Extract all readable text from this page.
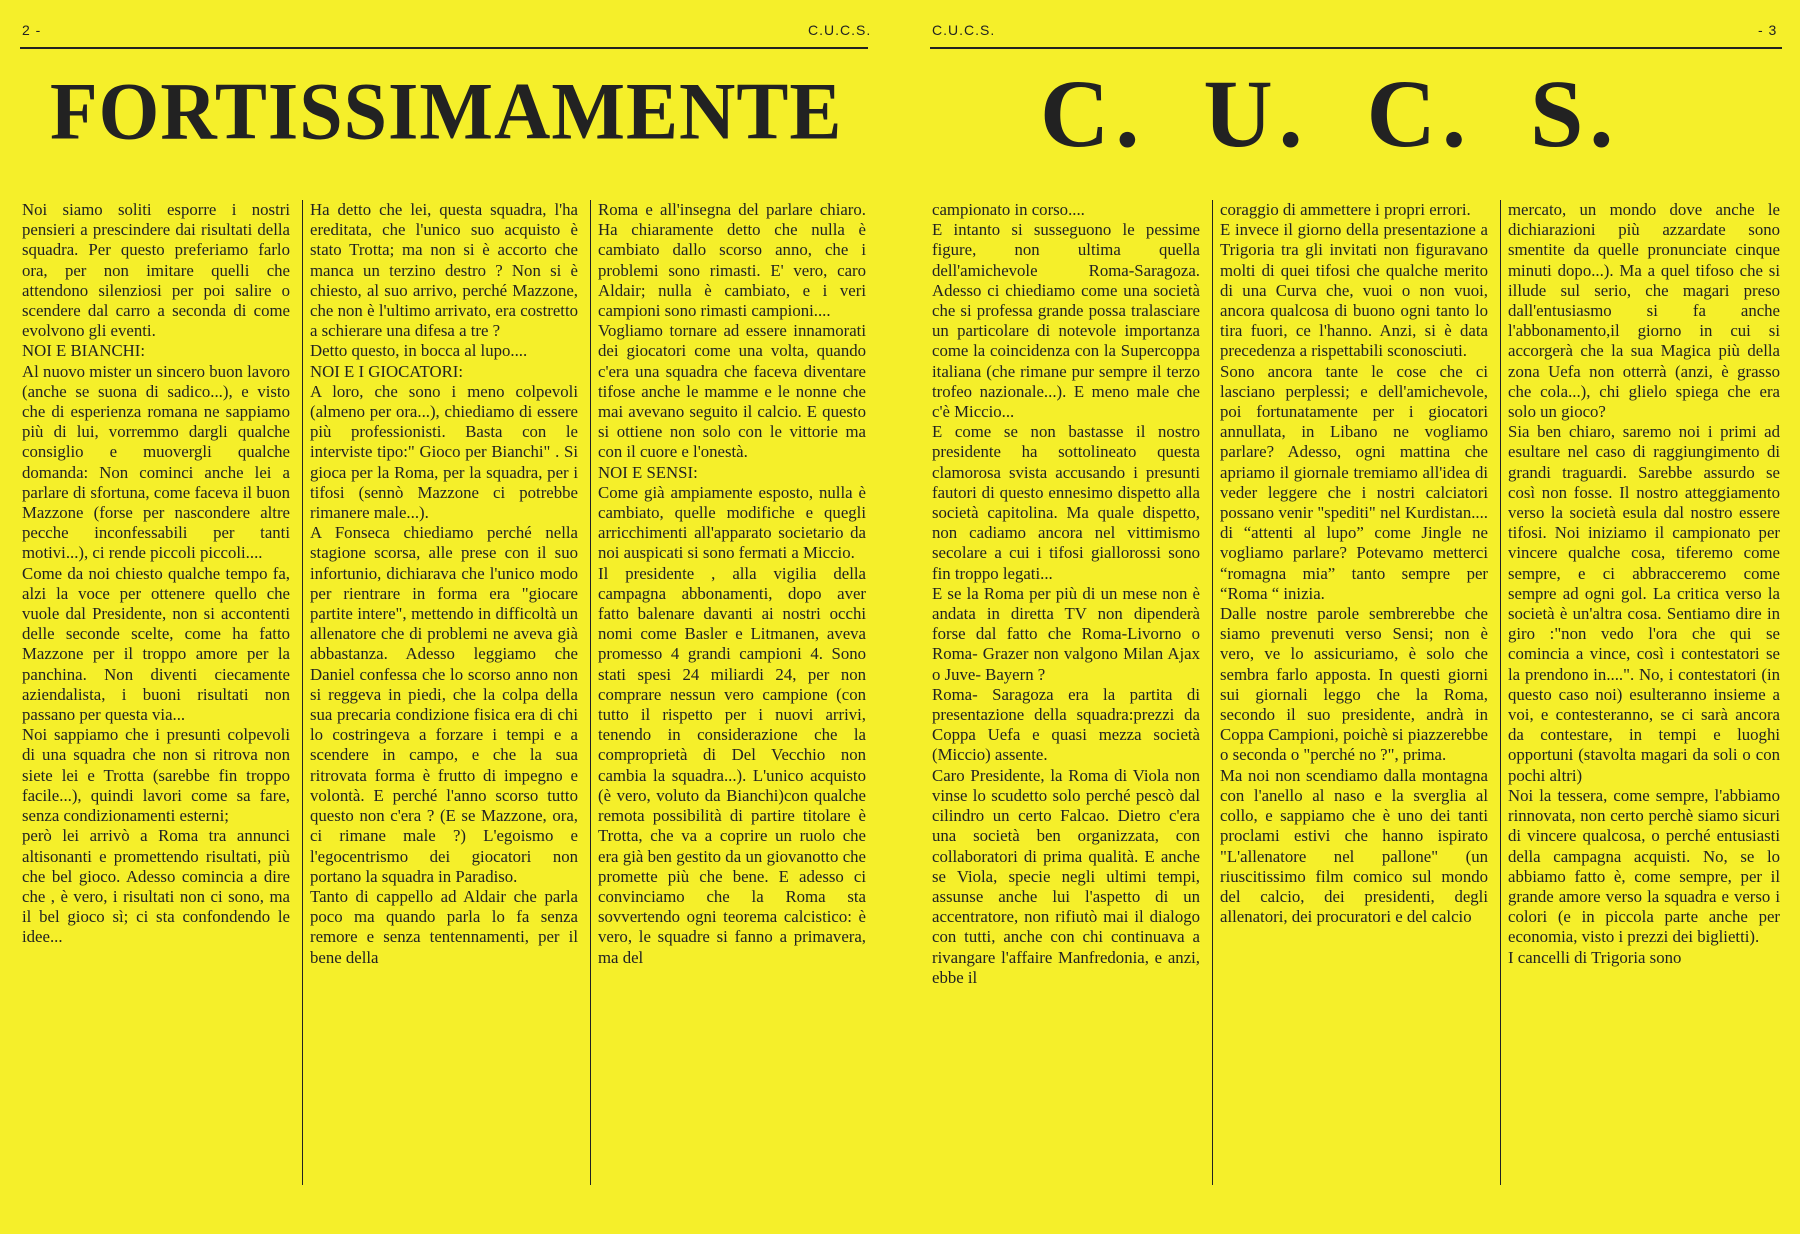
2 -	C.U.C.S.
FORTISSIMAMENTE

Noi siamo soliti esporre i nostri pensieri a prescindere dai risultati della squadra. Per questo preferiamo farlo ora, per non imitare quelli che attendono silenziosi per poi salire o scendere dal carro a seconda di come evolvono gli eventi.

NOI E BIANCHI:

Al nuovo mister un sincero buon lavoro (anche se suona di sadico...), e visto che di esperienza romana ne sappiamo più di lui, vorremmo dargli qualche consiglio e muovergli qualche domanda: Non cominci anche lei a parlare di sfortuna, come faceva il buon Mazzone (forse per nascondere altre pecche inconfessabili per tanti motivi...), ci rende piccoli piccoli....

Come da noi chiesto qualche tempo fa, alzi la voce per ottenere quello che vuole dal Presidente, non si accontenti delle seconde scelte, come ha fatto Mazzone per il troppo amore per la panchina. Non diventi ciecamente aziendalista, i buoni risultati non passano per questa via...

Noi sappiamo che i presunti colpevoli di una squadra che non si ritrova non siete lei e Trotta (sarebbe fin troppo facile...), quindi lavori come sa fare, senza condizionamenti esterni;

però lei arrivò a Roma tra annunci altisonanti e promettendo risultati, più che bel gioco. Adesso comincia a dire che , è vero, i risultati non ci sono, ma il bel gioco sì; ci sta confondendo le idee...

Ha detto che lei, questa squadra, l'ha ereditata, che l'unico suo acquisto è stato Trotta; ma non si è accorto che manca un terzino destro ? Non si è chiesto, al suo arrivo, perché Mazzone, che non è l'ultimo arrivato, era costretto a schierare una difesa a tre ?

Detto questo, in bocca al lupo....

NOI E I GIOCATORI:

A loro, che sono i meno colpevoli (almeno per ora...), chiediamo di essere più professionisti. Basta con le interviste tipo:" Gioco per Bianchi" . Si gioca per la Roma, per la squadra, per i tifosi (sennò Mazzone ci potrebbe rimanere male...).

A Fonseca chiediamo perché nella stagione scorsa, alle prese con il suo infortunio, dichiarava che l'unico modo per rientrare in forma era "giocare partite intere", mettendo in difficoltà un allenatore che di problemi ne aveva già abbastanza. Adesso leggiamo che Daniel confessa che lo scorso anno non si reggeva in piedi, che la colpa della sua precaria condizione fisica era di chi lo costringeva a forzare i tempi e a scendere in campo, e che la sua ritrovata forma è frutto di impegno e volontà. E perché l'anno scorso tutto questo non c'era ? (E se Mazzone, ora, ci rimane male ?) L'egoismo e l'egocentrismo dei giocatori non portano la squadra in Paradiso.

Tanto di cappello ad Aldair che parla poco ma quando parla lo fa senza remore e senza tentennamenti, per il bene della

Roma e all'insegna del parlare chiaro. Ha chiaramente detto che nulla è cambiato dallo scorso anno, che i problemi sono rimasti. E' vero, caro Aldair; nulla è cambiato, e i veri campioni sono rimasti campioni....

Vogliamo tornare ad essere innamorati dei giocatori come una volta, quando c'era una squadra che faceva diventare tifose anche le mamme e le nonne che mai avevano seguito il calcio. E questo si ottiene non solo con le vittorie ma con il cuore e l'onestà.

NOI E SENSI:

Come già ampiamente esposto, nulla è cambiato, quelle modifiche e quegli arricchimenti all'apparato societario da noi auspicati si sono fermati a Miccio.

Il presidente , alla vigilia della campagna abbonamenti, dopo aver fatto balenare davanti ai nostri occhi nomi come Basler e Litmanen, aveva promesso 4 grandi campioni 4. Sono stati spesi 24 miliardi 24, per non comprare nessun vero campione (con tutto il rispetto per i nuovi arrivi, tenendo in considerazione che la comproprietà di Del Vecchio non cambia la squadra...). L'unico acquisto (è vero, voluto da Bianchi)con qualche remota possibilità di partire titolare è Trotta, che va a coprire un ruolo che era già ben gestito da un giovanotto che promette più che bene. E adesso ci convinciamo che la Roma sta sovvertendo ogni teorema calcistico: è vero, le squadre si fanno a primavera, ma del

C.U.C.S.	- 3
C. U. C. S.

campionato in corso....

E intanto si susseguono le pessime figure, non ultima quella dell'amichevole Roma-Saragoza. Adesso ci chiediamo come una società che si professa grande possa tralasciare un particolare di notevole importanza come la coincidenza con la Supercoppa italiana (che rimane pur sempre il terzo trofeo nazionale...). E meno male che c'è Miccio...

E come se non bastasse il nostro presidente ha sottolineato questa clamorosa svista accusando i presunti fautori di questo ennesimo dispetto alla società capitolina. Ma quale dispetto, non cadiamo ancora nel vittimismo secolare a cui i tifosi giallorossi sono fin troppo legati...

E se la Roma per più di un mese non è andata in diretta TV non dipenderà forse dal fatto che Roma-Livorno o Roma- Grazer non valgono Milan Ajax o Juve- Bayern ?

Roma- Saragoza era la partita di presentazione della squadra:prezzi da Coppa Uefa e quasi mezza società (Miccio) assente.

Caro Presidente, la Roma di Viola non vinse lo scudetto solo perché pescò dal cilindro un certo Falcao. Dietro c'era una società ben organizzata, con collaboratori di prima qualità. E anche se Viola, specie negli ultimi tempi, assunse anche lui l'aspetto di un accentratore, non rifiutò mai il dialogo con tutti, anche con chi continuava a rivangare l'affaire Manfredonia, e anzi, ebbe il

coraggio di ammettere i propri errori.

E invece il giorno della presentazione a Trigoria tra gli invitati non figuravano molti di quei tifosi che qualche merito di una Curva che, vuoi o non vuoi, ancora qualcosa di buono ogni tanto lo tira fuori, ce l'hanno. Anzi, si è data precedenza a rispettabili sconosciuti.

Sono ancora tante le cose che ci lasciano perplessi; e dell'amichevole, poi fortunatamente per i giocatori annullata, in Libano ne vogliamo parlare? Adesso, ogni mattina che apriamo il giornale tremiamo all'idea di veder leggere che i nostri calciatori possano venir "spediti" nel Kurdistan.... di “attenti al lupo” come Jingle ne vogliamo parlare? Potevamo metterci “romagna mia” tanto sempre per “Roma “ inizia.

Dalle nostre parole sembrerebbe che siamo prevenuti verso Sensi; non è vero, ve lo assicuriamo, è solo che sembra farlo apposta. In questi giorni sui giornali leggo che la Roma, secondo il suo presidente, andrà in Coppa Campioni, poichè si piazzerebbe o seconda o "perché no ?", prima.

Ma noi non scendiamo dalla montagna con l'anello al naso e la sverglia al collo, e sappiamo che è uno dei tanti proclami estivi che hanno ispirato "L'allenatore nel pallone" (un riuscitissimo film comico sul mondo del calcio, dei presidenti, degli allenatori, dei procuratori e del calcio

mercato, un mondo dove anche le dichiarazioni più azzardate sono smentite da quelle pronunciate cinque minuti dopo...). Ma a quel tifoso che si illude sul serio, che magari preso dall'entusiasmo si fa anche l'abbonamento,il giorno in cui si accorgerà che la sua Magica più della zona Uefa non otterrà (anzi, è grasso che cola...), chi glielo spiega che era solo un gioco?

Sia ben chiaro, saremo noi i primi ad esultare nel caso di raggiungimento di grandi traguardi. Sarebbe assurdo se così non fosse. Il nostro atteggiamento verso la società esula dal nostro essere tifosi. Noi iniziamo il campionato per vincere qualche cosa, tiferemo come sempre, e ci abbracceremo come sempre ad ogni gol. La critica verso la società è un'altra cosa. Sentiamo dire in giro :"non vedo l'ora che qui se comincia a vince, così i contestatori se la prendono in....". No, i contestatori (in questo caso noi) esulteranno insieme a voi, e contesteranno, se ci sarà ancora da contestare, in tempi e luoghi opportuni (stavolta magari da soli o con pochi altri)

Noi la tessera, come sempre, l'abbiamo rinnovata, non certo perchè siamo sicuri di vincere qualcosa, o perché entusiasti della campagna acquisti. No, se lo abbiamo fatto è, come sempre, per il grande amore verso la squadra e verso i colori (e in piccola parte anche per economia, visto i prezzi dei biglietti).

I cancelli di Trigoria sono
